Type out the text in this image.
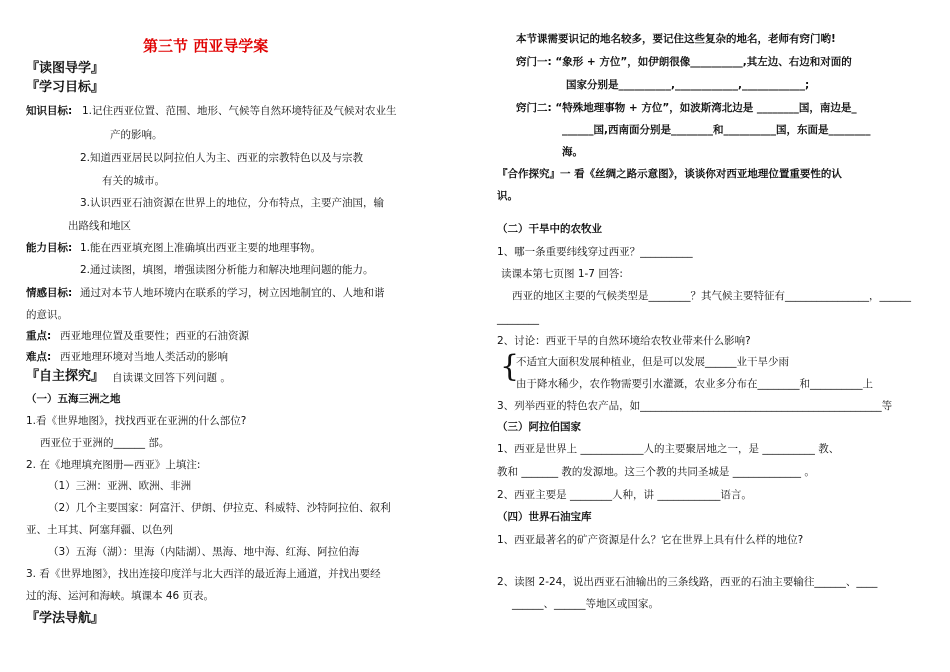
第三节 西亚导学案
『读图导学』
『学习目标』
知识目标: 1.记住西亚位置、范围、地形、气候等自然环境特征及气候对农业生
产的影响。
2.知道西亚居民以阿拉伯人为主、西亚的宗教特色以及与宗教
有关的城市。
3.认识西亚石油资源在世界上的地位，分布特点，主要产油国，输
出路线和地区
能力目标: 1.能在西亚填充图上准确填出西亚主要的地理事物。
2.通过读图，填图，增强读图分析能力和解决地理问题的能力。
情感目标: 通过对本节人地环境内在联系的学习，树立因地制宜的、人地和谐
的意识。
重点: 西亚地理位置及重要性；西亚的石油资源
难点: 西亚地理环境对当地人类活动的影响
『自主探究』 自读课文回答下列问题 。
（一）五海三洲之地
1.看《世界地图》，找找西亚在亚洲的什么部位?
西亚位于亚洲的______ 部。
2. 在《地理填充图册—西亚》上填注:
（1）三洲：亚洲、欧洲、非洲
（2）几个主要国家：阿富汗、伊朗、伊拉克、科威特、沙特阿拉伯、叙利
亚、土耳其、阿塞拜疆、以色列
（3）五海（湖）：里海（内陆湖）、黑海、地中海、红海、阿拉伯海
3. 看《世界地图》，找出连接印度洋与北大西洋的最近海上通道，并找出要经
过的海、运河和海峡。填课本 46 页表。
『学法导航』
本节课需要识记的地名较多，要记住这些复杂的地名，老师有窍门哟!
窍门一: “象形 + 方位”，如伊朗很像__________,其左边、右边和对面的
国家分别是__________,____________,____________;
窍门二: “特殊地理事物 + 方位”，如波斯湾北边是 ________国，南边是_
______国,西南面分别是________和__________国，东面是________
海。
『合作探究』一 看《丝绸之路示意图》，谈谈你对西亚地理位置重要性的认
识。
（二）干旱中的农牧业
1、哪一条重要纬线穿过西亚？__________
读课本第七页图 1-7 回答:
西亚的地区主要的气候类型是________？其气候主要特征有________________，______
________
2、讨论：西亚干旱的自然环境给农牧业带来什么影响?
{
不适宜大面积发展种植业，但是可以发展______业干旱少雨
由于降水稀少，农作物需要引水灌溉，农业多分布在________和__________上
3、列举西亚的特色农产品，如______________________________________________等
（三）阿拉伯国家
1、西亚是世界上 ____________人的主要聚居地之一，是 __________ 教、
教和 _______ 教的发源地。这三个教的共同圣城是 _____________ 。
2、西亚主要是 ________人种，讲 ____________语言。
（四）世界石油宝库
1、西亚最著名的矿产资源是什么？它在世界上具有什么样的地位?
2、读图 2-24，说出西亚石油输出的三条线路，西亚的石油主要输往______、____
______、______等地区或国家。
